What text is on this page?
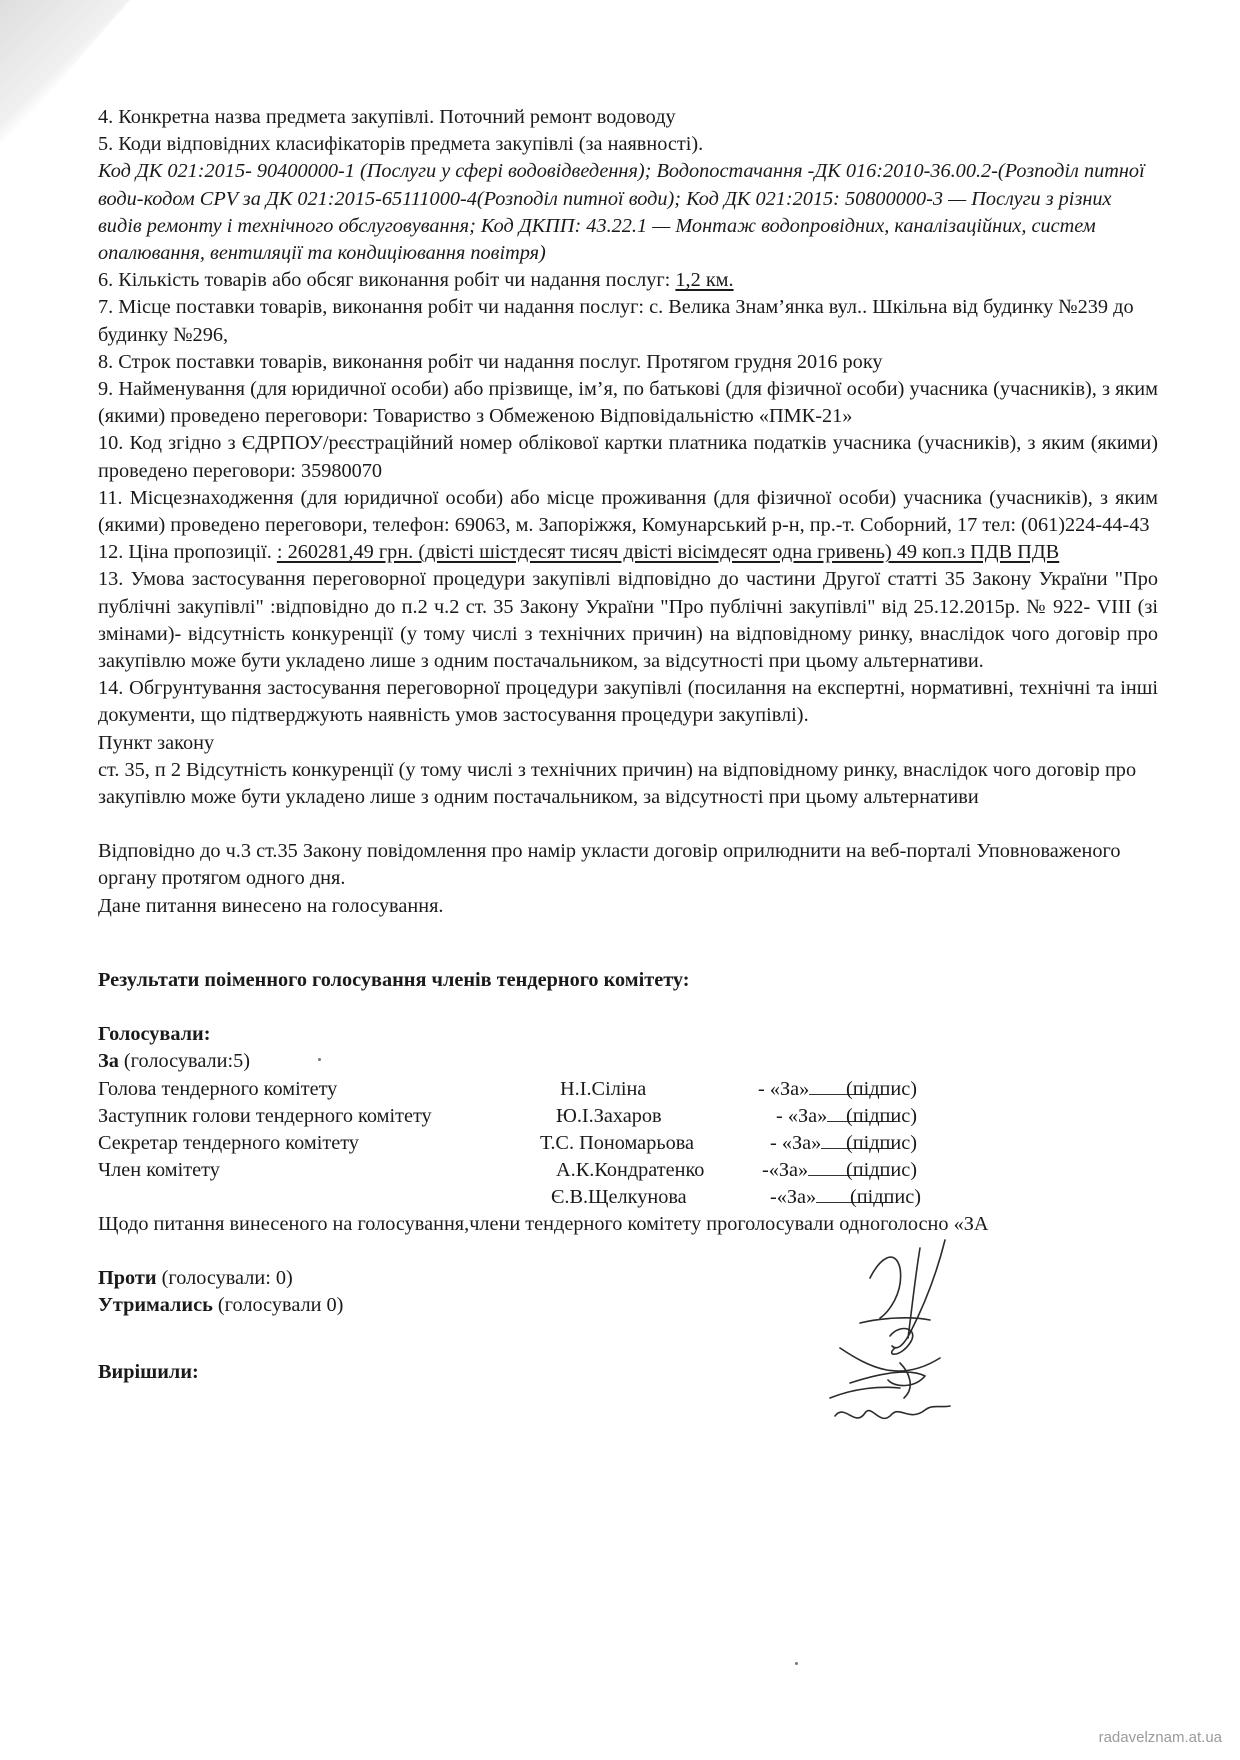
4. Конкретна назва предмета закупівлі. Поточний ремонт водоводу

5. Коди відповідних класифікаторів предмета закупівлі (за наявності).

Код ДК 021:2015- 90400000-1 (Послуги у сфері водовідведення); Водопостачання -ДК 016:2010-36.00.2-(Розподіл питної води-кодом CPV за ДК 021:2015-65111000-4(Розподіл питної води); Код ДК 021:2015: 50800000-3 — Послуги з різних видів ремонту і технічного обслуговування; Код ДКПП: 43.22.1 — Монтаж водопровідних, каналізаційних, систем опалювання, вентиляції та кондиціювання повітря)

6. Кількість товарів або обсяг виконання робіт чи надання послуг: 1,2 км.

7. Місце поставки товарів, виконання робіт чи надання послуг: с. Велика Знам’янка вул.. Шкільна від будинку №239 до будинку №296,

8. Строк поставки товарів, виконання робіт чи надання послуг. Протягом грудня 2016 року

9. Найменування (для юридичної особи) або прізвище, ім’я, по батькові (для фізичної особи) учасника (учасників), з яким (якими) проведено переговори: Товариство з Обмеженою Відповідальністю «ПМК-21»

10. Код згідно з ЄДРПОУ/реєстраційний номер облікової картки платника податків учасника (учасників), з яким (якими) проведено переговори: 35980070

11. Місцезнаходження (для юридичної особи) або місце проживання (для фізичної особи) учасника (учасників), з яким (якими) проведено переговори, телефон: 69063, м. Запоріжжя, Комунарський р-н, пр.-т. Соборний, 17 тел: (061)224-44-43

12. Ціна пропозиції. : 260281,49 грн. (двісті шістдесят тисяч двісті вісімдесят одна гривень) 49 коп.з ПДВ ПДВ

13. Умова застосування переговорної процедури закупівлі відповідно до частини Другої статті 35 Закону України "Про публічні закупівлі" :відповідно до п.2 ч.2 ст. 35 Закону України "Про публічні закупівлі" від 25.12.2015р. № 922- VIII (зі змінами)- відсутність конкуренції (у тому числі з технічних причин) на відповідному ринку, внаслідок чого договір про закупівлю може бути укладено лише з одним постачальником, за відсутності при цьому альтернативи.

14. Обгрунтування застосування переговорної процедури закупівлі (посилання на експертні, нормативні, технічні та інші документи, що підтверджують наявність умов застосування процедури закупівлі).

Пункт закону

ст. 35, п 2 Відсутність конкуренції (у тому числі з технічних причин) на відповідному ринку, внаслідок чого договір про закупівлю може бути укладено лише з одним постачальником, за відсутності при цьому альтернативи

Відповідно до ч.3 ст.35 Закону повідомлення про намір укласти договір оприлюднити на веб-порталі Уповноваженого органу протягом одного дня.

Дане питання винесено на голосування.

Результати поіменного голосування членів тендерного комітету:

Голосували:

За (голосували:5)

Голова тендерного комітету	Н.І.Сіліна	- «За»	(підпис)
Заступник голови тендерного комітету	Ю.І.Захаров	- «За» (підпис)
Секретар тендерного комітету	Т.С. Пономарьова	- «За»	(підпис)
Член комітету	А.К.Кондратенко	-«За»	(підпис)
Є.В.Щелкунова	-«За»	(підпис)

Щодо питання винесеного на голосування,члени тендерного комітету проголосували одноголосно «ЗА

Проти (голосували: 0)

Утримались (голосували 0)

Вирішили:

radavelznam.at.ua
